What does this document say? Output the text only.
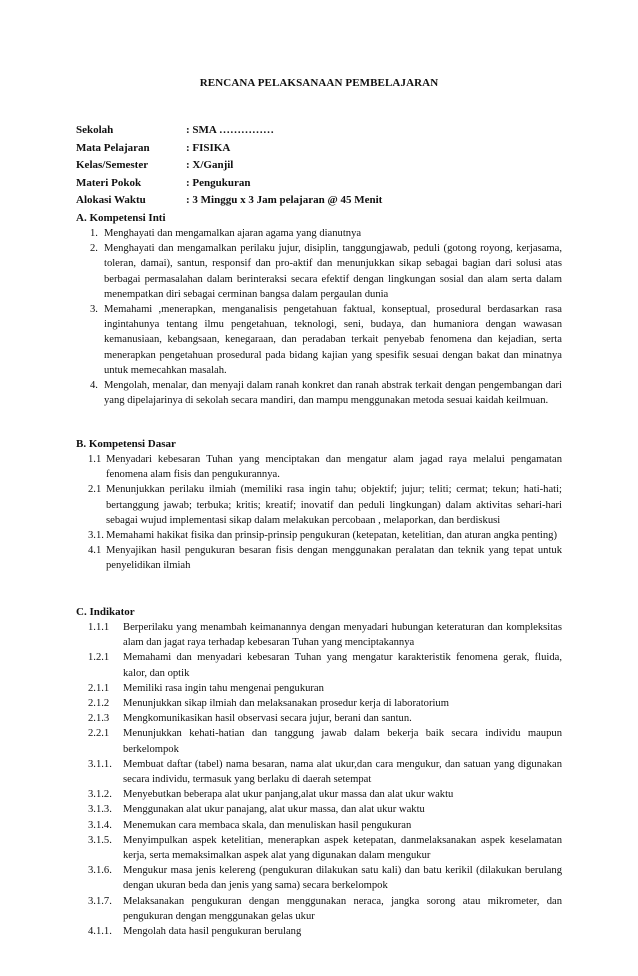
RENCANA PELAKSANAAN PEMBELAJARAN
Sekolah	: SMA ……………
Mata Pelajaran	: FISIKA
Kelas/Semester	: X/Ganjil
Materi Pokok	: Pengukuran
Alokasi Waktu	: 3 Minggu x 3 Jam pelajaran @ 45 Menit
A. Kompetensi Inti
1. Menghayati dan mengamalkan ajaran agama yang dianutnya
2. Menghayati dan mengamalkan perilaku jujur, disiplin, tanggungjawab, peduli (gotong royong, kerjasama, toleran, damai), santun, responsif dan pro-aktif dan menunjukkan sikap sebagai bagian dari solusi atas berbagai permasalahan dalam berinteraksi secara efektif dengan lingkungan sosial dan alam serta dalam menempatkan diri sebagai cerminan bangsa dalam pergaulan dunia
3. Memahami ,menerapkan, menganalisis pengetahuan faktual, konseptual, prosedural berdasarkan rasa ingintahunya tentang ilmu pengetahuan, teknologi, seni, budaya, dan humaniora dengan wawasan kemanusiaan, kebangsaan, kenegaraan, dan peradaban terkait penyebab fenomena dan kejadian, serta menerapkan pengetahuan prosedural pada bidang kajian yang spesifik sesuai dengan bakat dan minatnya untuk memecahkan masalah.
4. Mengolah, menalar, dan menyaji dalam ranah konkret dan ranah abstrak terkait dengan pengembangan dari yang dipelajarinya di sekolah secara mandiri, dan mampu menggunakan metoda sesuai kaidah keilmuan.
B. Kompetensi Dasar
1.1 Menyadari kebesaran Tuhan yang menciptakan dan mengatur alam jagad raya melalui pengamatan fenomena alam fisis dan pengukurannya.
2.1 Menunjukkan perilaku ilmiah (memiliki rasa ingin tahu; objektif; jujur; teliti; cermat; tekun; hati-hati; bertanggung jawab; terbuka; kritis; kreatif; inovatif dan peduli lingkungan) dalam aktivitas sehari-hari sebagai wujud implementasi sikap dalam melakukan percobaan , melaporkan, dan berdiskusi
3.1. Memahami hakikat fisika dan prinsip-prinsip pengukuran (ketepatan, ketelitian, dan aturan angka penting)
4.1 Menyajikan hasil pengukuran besaran fisis dengan menggunakan peralatan dan teknik yang tepat untuk penyelidikan ilmiah
C. Indikator
1.1.1 Berperilaku yang menambah keimanannya dengan menyadari hubungan keteraturan dan kompleksitas alam dan jagat raya terhadap kebesaran Tuhan yang menciptakannya
1.2.1 Memahami dan menyadari kebesaran Tuhan yang mengatur karakteristik fenomena gerak, fluida, kalor, dan optik
2.1.1 Memiliki rasa ingin tahu mengenai pengukuran
2.1.2 Menunjukkan sikap ilmiah dan melaksanakan prosedur kerja di laboratorium
2.1.3 Mengkomunikasikan hasil observasi secara jujur, berani dan santun.
2.2.1 Menunjukkan kehati-hatian dan tanggung jawab dalam bekerja baik secara individu maupun berkelompok
3.1.1. Membuat daftar (tabel) nama besaran, nama alat ukur,dan cara mengukur, dan satuan yang digunakan secara individu, termasuk yang berlaku di daerah setempat
3.1.2. Menyebutkan beberapa alat ukur panjang,alat ukur massa dan alat ukur waktu
3.1.3. Menggunakan alat ukur panajang, alat ukur massa, dan alat ukur waktu
3.1.4. Menemukan cara membaca skala, dan menuliskan hasil pengukuran
3.1.5. Menyimpulkan aspek ketelitian, menerapkan aspek ketepatan, danmelaksanakan aspek keselamatan kerja, serta memaksimalkan aspek alat yang digunakan dalam mengukur
3.1.6. Mengukur masa jenis kelereng (pengukuran dilakukan satu kali) dan batu kerikil (dilakukan berulang dengan ukuran beda dan jenis yang sama) secara berkelompok
3.1.7. Melaksanakan pengukuran dengan menggunakan neraca, jangka sorong atau mikrometer, dan pengukuran dengan menggunakan gelas ukur
4.1.1. Mengolah data hasil pengukuran berulang
